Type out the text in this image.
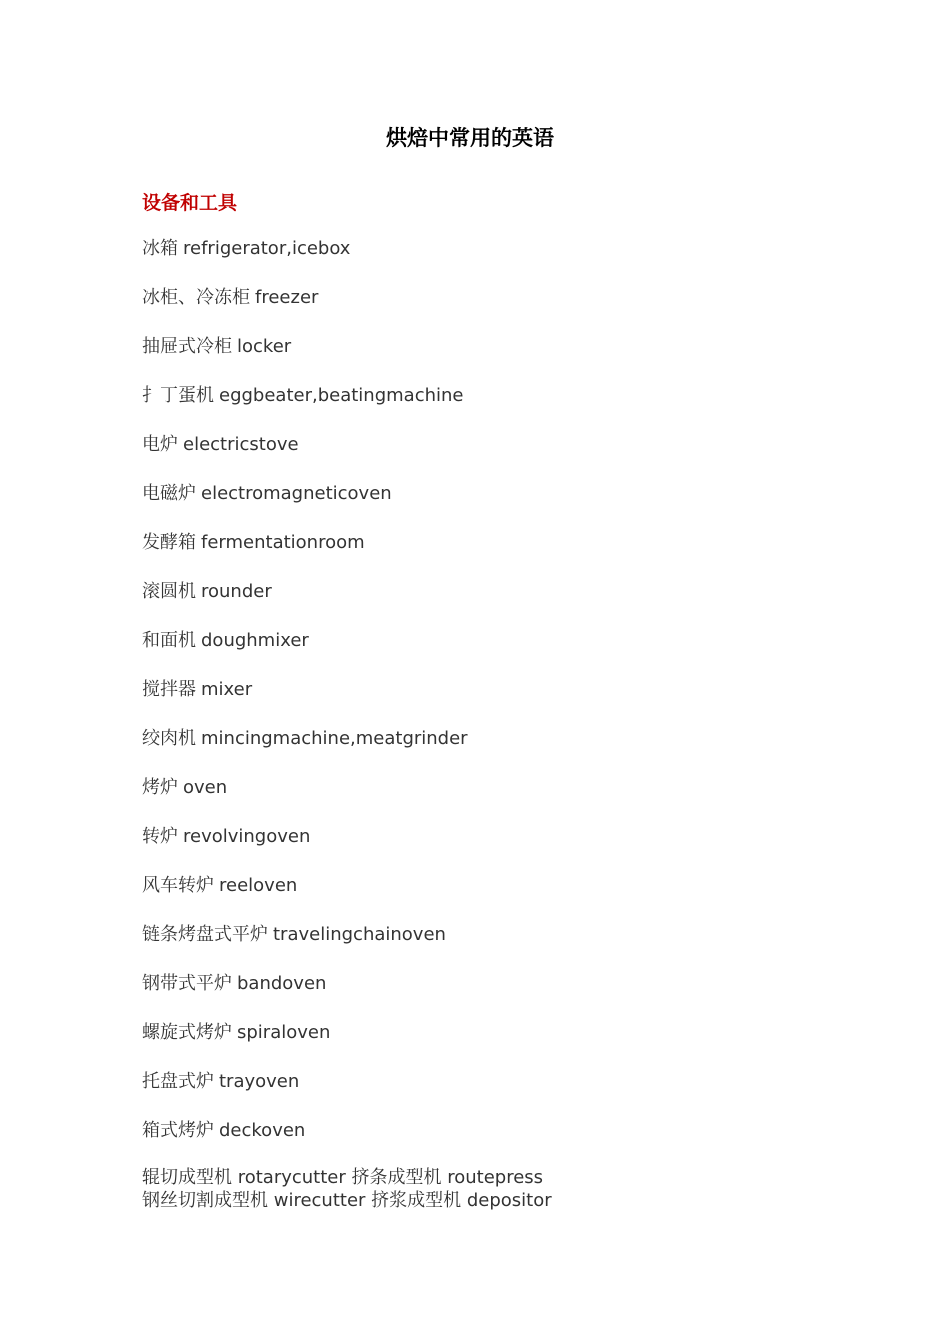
烘焙中常用的英语
设备和工具
冰箱 refrigerator,icebox
冰柜、冷冻柜 freezer
抽屉式冷柜 locker
扌丁蛋机 eggbeater,beatingmachine
电炉 electricstove
电磁炉 electromagneticoven
发酵箱 fermentationroom
滚圆机 rounder
和面机 doughmixer
搅拌器 mixer
绞肉机 mincingmachine,meatgrinder
烤炉 oven
转炉 revolvingoven
风车转炉 reeloven
链条烤盘式平炉 travelingchainoven
钢带式平炉 bandoven
螺旋式烤炉 spiraloven
托盘式炉 trayoven
箱式烤炉 deckoven
辊切成型机 rotarycutter 挤条成型机 routepress
钢丝切割成型机 wirecutter 挤浆成型机 depositor
